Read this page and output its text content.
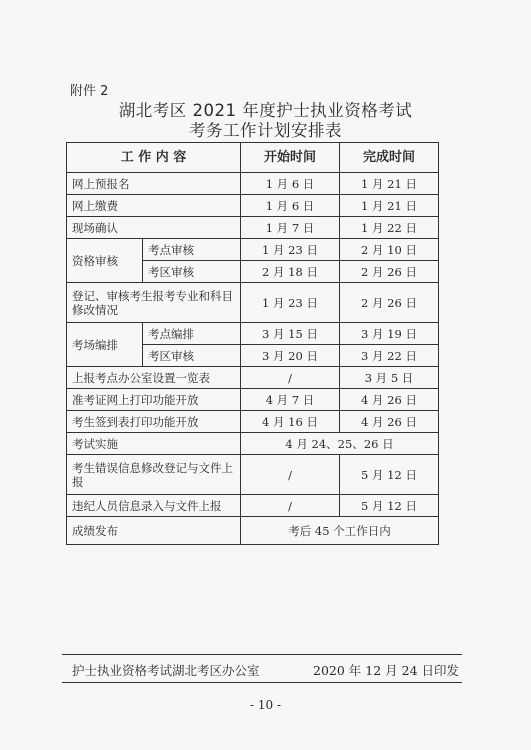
附件 2
湖北考区 2021 年度护士执业资格考试
考务工作计划安排表
工 作 内 容		开始时间	完成时间
网上预报名		1 月 6 日	1 月 21 日
网上缴费		1 月 6 日	1 月 21 日
现场确认		1 月 7 日	1 月 22 日
资格审核	考点审核	1 月 23 日	2 月 10 日
	考区审核	2 月 18 日	2 月 26 日
登记、审核考生报考专业和科目修改情况		1 月 23 日	2 月 26 日
考场编排	考点编排	3 月 15 日	3 月 19 日
	考区审核	3 月 20 日	3 月 22 日
上报考点办公室设置一览表		/	3 月 5 日
准考证网上打印功能开放		4 月 7 日	4 月 26 日
考生签到表打印功能开放		4 月 16 日	4 月 26 日
考试实施		4 月 24、25、26 日	
考生错误信息修改登记与文件上报		/	5 月 12 日
违纪人员信息录入与文件上报		/	5 月 12 日
成绩发布		考后 45 个工作日内	
护士执业资格考试湖北考区办公室	2020 年 12 月 24 日印发
- 10 -
